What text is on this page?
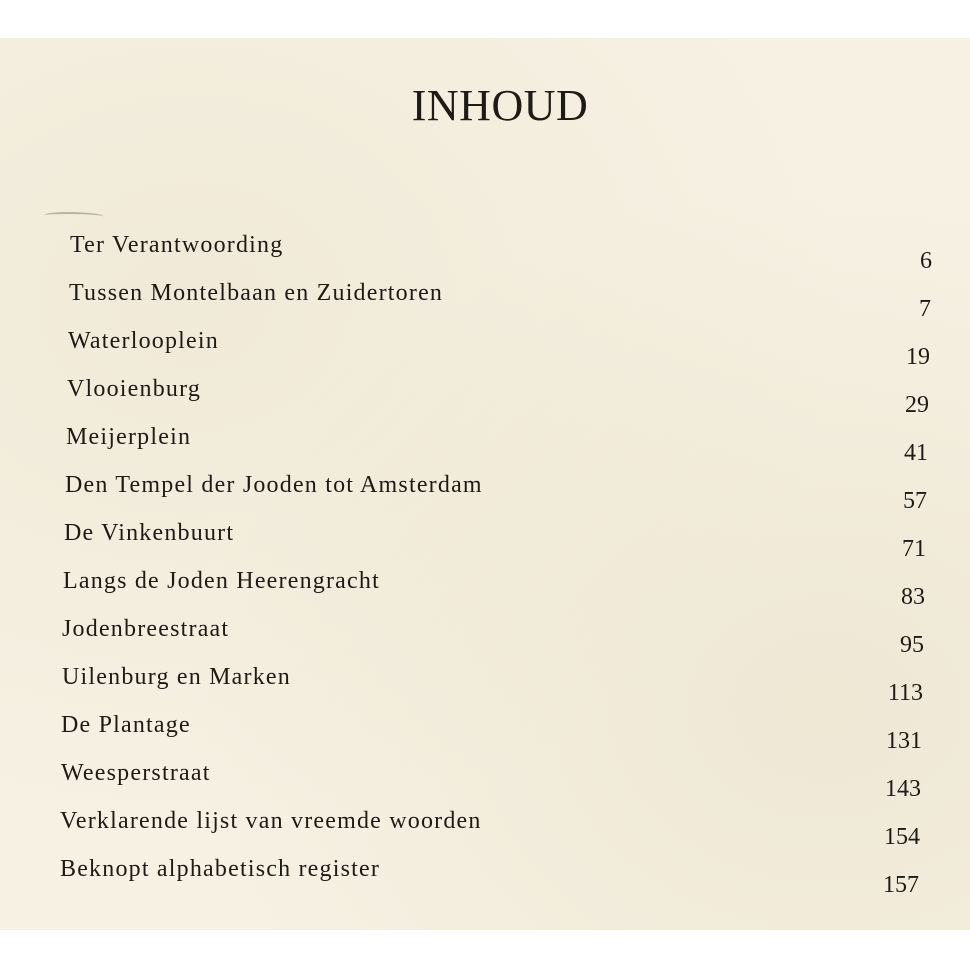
INHOUD
Ter Verantwoording
6
Tussen Montelbaan en Zuidertoren
7
Waterlooplein
19
Vlooienburg
29
Meijerplein
41
Den Tempel der Jooden tot Amsterdam
57
De Vinkenbuurt
71
Langs de Joden Heerengracht
83
Jodenbreestraat
95
Uilenburg en Marken
113
De Plantage
131
Weesperstraat
143
Verklarende lijst van vreemde woorden
154
Beknopt alphabetisch register
157
